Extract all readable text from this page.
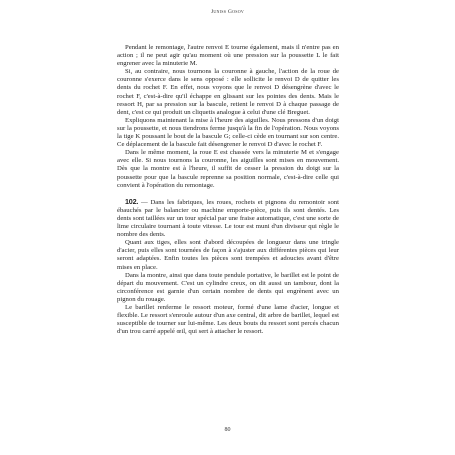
Juniss Gosov

Pendant le remontage, l'autre renvoi E tourne également, mais il n'entre pas en action ; il ne peut agir qu'au moment où une pression sur la poussette L le fait engrener avec la minuterie M.

Si, au contraire, nous tournons la couronne à gauche, l'action de la roue de couronne s'exerce dans le sens opposé : elle sollicite le renvoi D de quitter les dents du rochet F. En effet, nous voyons que le renvoi D désengrène d'avec le rochet F, c'est-à-dire qu'il échappe en glissant sur les pointes des dents. Mais le ressort H, par sa pression sur la bascule, retient le renvoi D à chaque passage de dent, c'est ce qui produit un cliquetis analogue à celui d'une clé Breguet.

Expliquons maintenant la mise à l'heure des aiguilles. Nous pressons d'un doigt sur la poussette, et nous tiendrons ferme jusqu'à la fin de l'opération. Nous voyons la tige K poussant le bout de la bascule G; celle-ci cède en tournant sur son centre. Ce déplacement de la bascule fait désengrener le renvoi D d'avec le rochet F.

Dans le même moment, la roue E est chassée vers la minuterie M et s'engage avec elle. Si nous tournons la couronne, les aiguilles sont mises en mouvement. Dès que la montre est à l'heure, il suffit de cesser la pression du doigt sur la poussette pour que la bascule reprenne sa position normale, c'est-à-dire celle qui convient à l'opération du remontage.

102. — Dans les fabriques, les roues, rochets et pignons du remontoir sont ébauchés par le balancier ou machine emporte-pièce, puis ils sont dentés. Les dents sont taillées sur un tour spécial par une fraise automatique, c'est une sorte de lime circulaire tournant à toute vitesse. Le tour est muni d'un diviseur qui règle le nombre des dents.

Quant aux tiges, elles sont d'abord découpées de longueur dans une tringle d'acier, puis elles sont tournées de façon à s'ajuster aux différentes pièces qui leur seront adaptées. Enfin toutes les pièces sont trempées et adoucies avant d'être mises en place.

Dans la montre, ainsi que dans toute pendule portative, le barillet est le point de départ du mouvement. C'est un cylindre creux, on dit aussi un tambour, dont la circonférence est garnie d'un certain nombre de dents qui engrènent avec un pignon du rouage.

Le barillet renferme le ressort moteur, formé d'une lame d'acier, longue et flexible. Le ressort s'enroule autour d'un axe central, dit arbre de barillet, lequel est susceptible de tourner sur lui-même. Les deux bouts du ressort sont percés chacun d'un trou carré appelé œil, qui sert à attacher le ressort.

80
